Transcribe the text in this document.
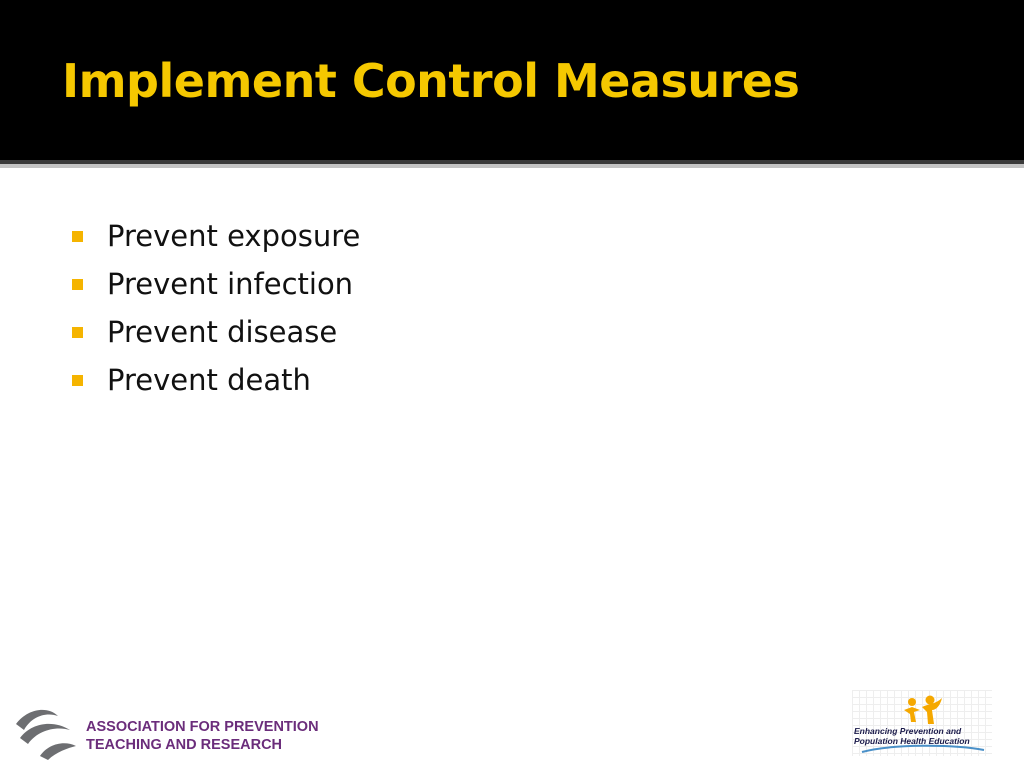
Implement Control Measures
Prevent exposure
Prevent infection
Prevent disease
Prevent death
ASSOCIATION FOR PREVENTION
TEACHING AND RESEARCH
Enhancing Prevention and
Population Health Education
